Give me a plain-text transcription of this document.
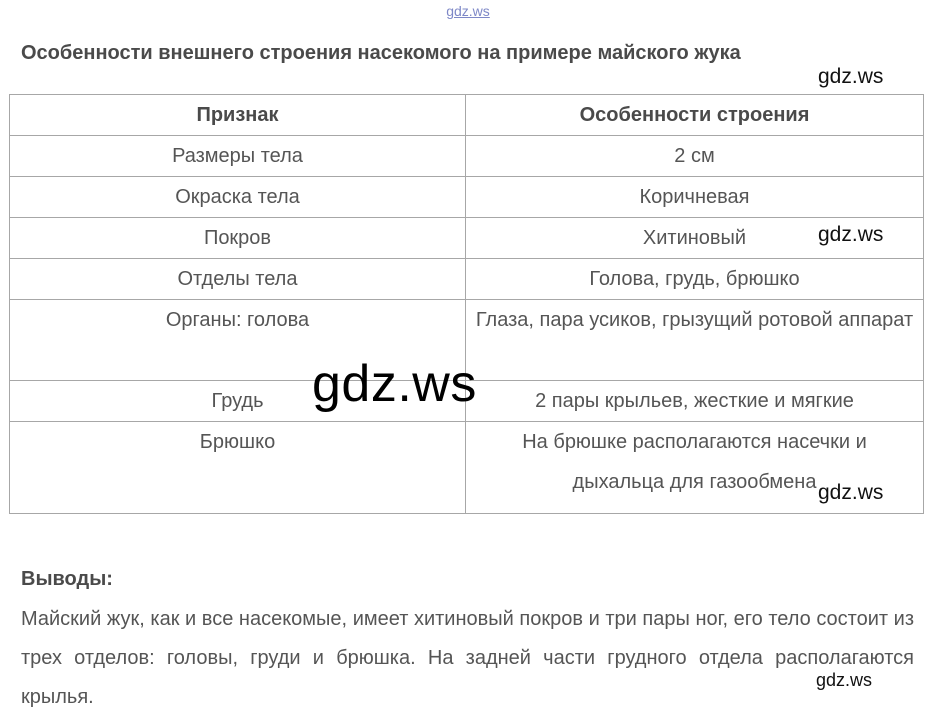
gdz.ws
Особенности внешнего строения насекомого на примере майского жука
Признак	Особенности строения
Размеры тела	2 см
Окраска тела	Коричневая
Покров	Хитиновый
Отделы тела	Голова, грудь, брюшко
Органы: голова	Глаза, пара усиков, грызущий ротовой аппарат
Грудь	2 пары крыльев, жесткие и мягкие
Брюшко	На брюшке располагаются насечки и дыхальца для газообмена
Выводы:

Майский жук, как и все насекомые, имеет хитиновый покров и три пары ног, его тело состоит из трех отделов: головы, груди и брюшка. На задней части грудного отдела располагаются крылья.

gdz.ws
gdz.ws
gdz.ws
gdz.ws
gdz.ws
